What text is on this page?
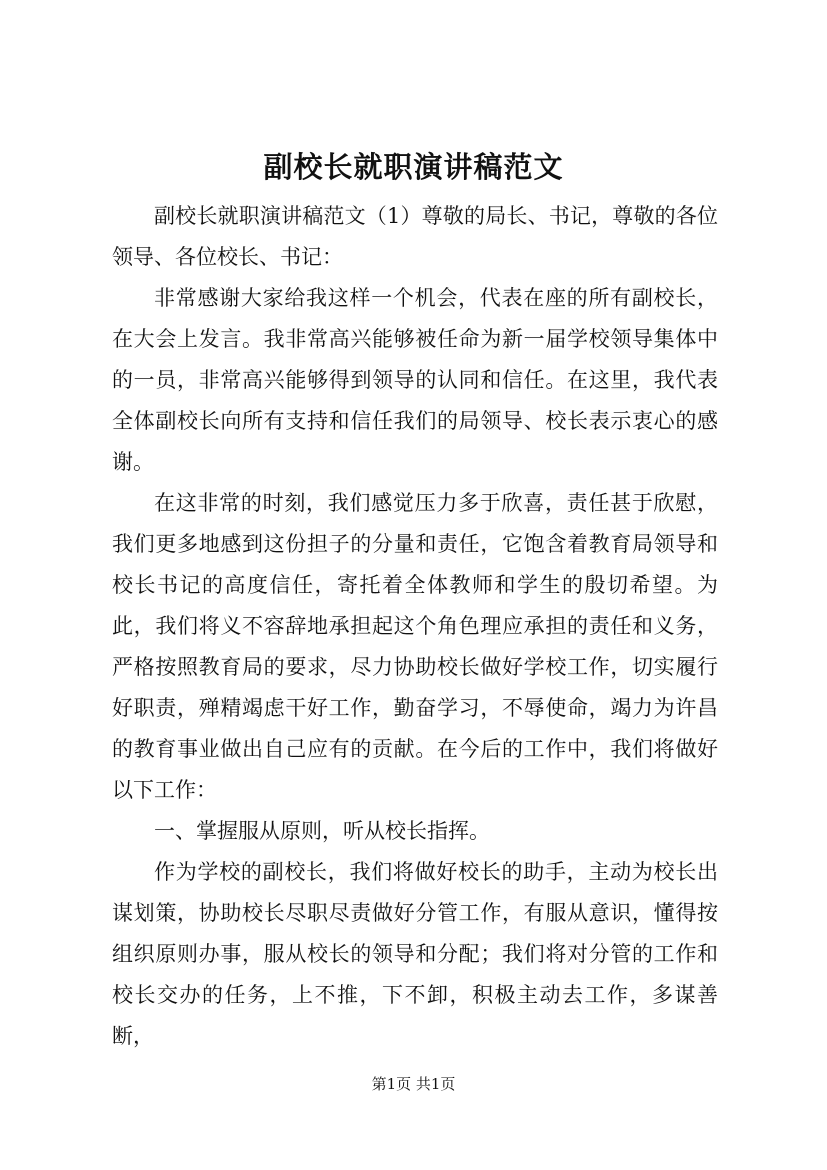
副校长就职演讲稿范文

副校长就职演讲稿范文（1）尊敬的局长、书记，尊敬的各位领导、各位校长、书记：

非常感谢大家给我这样一个机会，代表在座的所有副校长，在大会上发言。我非常高兴能够被任命为新一届学校领导集体中的一员，非常高兴能够得到领导的认同和信任。在这里，我代表全体副校长向所有支持和信任我们的局领导、校长表示衷心的感谢。

在这非常的时刻，我们感觉压力多于欣喜，责任甚于欣慰，我们更多地感到这份担子的分量和责任，它饱含着教育局领导和校长书记的高度信任，寄托着全体教师和学生的殷切希望。为此，我们将义不容辞地承担起这个角色理应承担的责任和义务，严格按照教育局的要求，尽力协助校长做好学校工作，切实履行好职责，殚精竭虑干好工作，勤奋学习，不辱使命，竭力为许昌的教育事业做出自己应有的贡献。在今后的工作中，我们将做好以下工作：

一、掌握服从原则，听从校长指挥。

作为学校的副校长，我们将做好校长的助手，主动为校长出谋划策，协助校长尽职尽责做好分管工作，有服从意识，懂得按组织原则办事，服从校长的领导和分配；我们将对分管的工作和校长交办的任务，上不推，下不卸，积极主动去工作，多谋善断，

第1页 共1页
